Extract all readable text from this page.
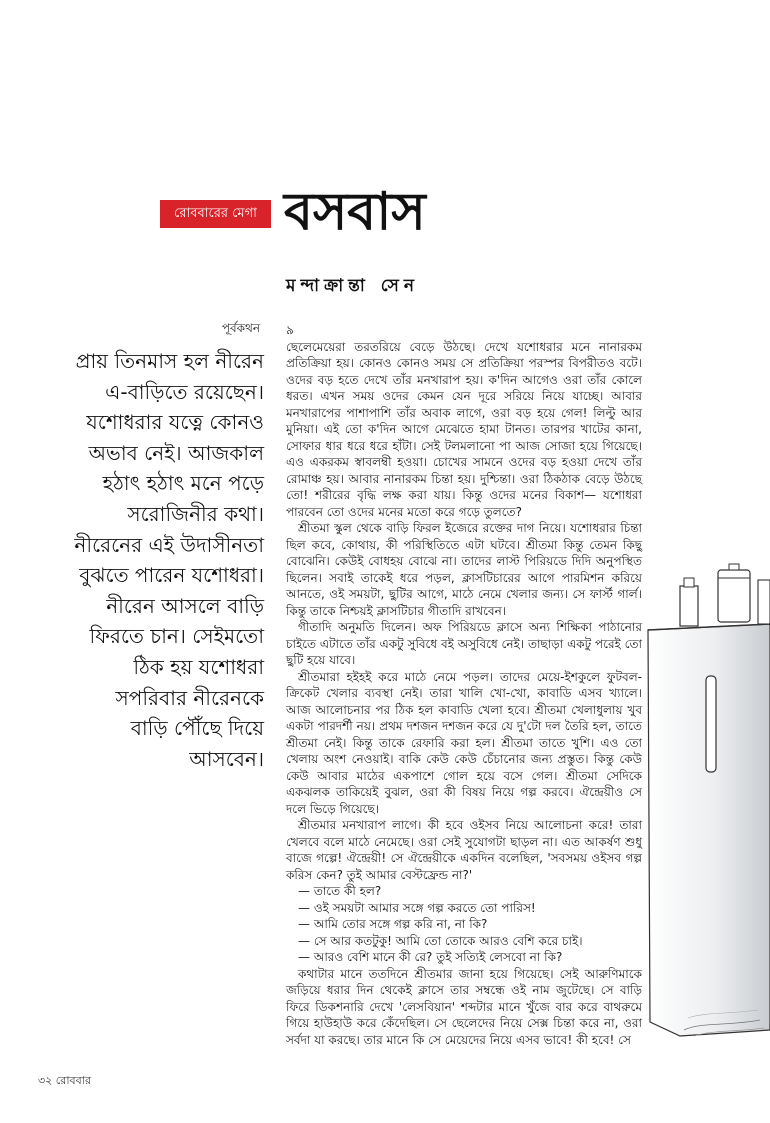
রোববারের মেগা বসবাস
মন্দাক্রান্তা সেন
পূর্বকথন
প্রায় তিনমাস হল নীরেন
এ-বাড়িতে রয়েছেন।
যশোধরার যত্নে কোনও
অভাব নেই। আজকাল
হঠাৎ হঠাৎ মনে পড়ে
সরোজিনীর কথা।
নীরেনের এই উদাসীনতা
বুঝতে পারেন যশোধরা।
নীরেন আসলে বাড়ি
ফিরতে চান। সেইমতো
ঠিক হয় যশোধরা
সপরিবার নীরেনকে
বাড়ি পৌঁছে দিয়ে
আসবেন।

৯

ছেলেমেয়েরা তরতরিয়ে বেড়ে উঠছে। দেখে যশোধরার মনে নানারকম প্রতিক্রিয়া হয়। কোনও কোনও সময় সে প্রতিক্রিয়া পরস্পর বিপরীতও বটে। ওদের বড় হতে দেখে তাঁর মনখারাপ হয়। ক'দিন আগেও ওরা তাঁর কোলে ধরত। এখন সময় ওদের কেমন যেন দূরে সরিয়ে নিয়ে যাচ্ছে। আবার মনখারাপের পাশাপাশি তাঁর অবাক লাগে, ওরা বড় হয়ে গেল! লিল্টু আর মুনিয়া। এই তো ক'দিন আগে মেঝেতে হামা টানত। তারপর খাটের কানা, সোফার ধার ধরে ধরে হাঁটা। সেই টলমলানো পা আজ সোজা হয়ে গিয়েছে। এও একরকম স্বাবলম্বী হওয়া। চোখের সামনে ওদের বড় হওয়া দেখে তাঁর রোমাঞ্চ হয়। আবার নানারকম চিন্তা হয়। দুশ্চিন্তা। ওরা ঠিকঠাক বেড়ে উঠছে তো! শরীরের বৃদ্ধি লক্ষ করা যায়। কিন্তু ওদের মনের বিকাশ— যশোধরা পারবেন তো ওদের মনের মতো করে গড়ে তুলতে?

শ্রীতমা স্কুল থেকে বাড়ি ফিরল ইজেরে রক্তের দাগ নিয়ে। যশোধরার চিন্তা ছিল কবে, কোথায়, কী পরিস্থিতিতে এটা ঘটবে। শ্রীতমা কিন্তু তেমন কিছু বোঝেনি। কেউই বোধহয় বোঝে না। তাদের লাস্ট পিরিয়ডে দিদি অনুপস্থিত ছিলেন। সবাই তাকেই ধরে পড়ল, ক্লাসটিচারের আগে পারমিশন করিয়ে আনতে, ওই সময়টা, ছুটির আগে, মাঠে নেমে খেলার জন্য। সে ফার্স্ট গার্ল। কিন্তু তাকে নিশ্চয়ই ক্লাসটিচার গীতাদি রাখবেন।

গীতাদি অনুমতি দিলেন। অফ পিরিয়ডে ক্লাসে অন্য শিক্ষিকা পাঠানোর চাইতে এটাতে তাঁর একটু সুবিধে বই অসুবিধে নেই। তাছাড়া একটু পরেই তো ছুটি হয়ে যাবে।

শ্রীতমারা হইহই করে মাঠে নেমে পড়ল। তাদের মেয়ে-ইশকুলে ফুটবল-ক্রিকেট খেলার ব্যবস্থা নেই। তারা খালি খো-খো, কাবাডি এসব খ্যালে। আজ আলোচনার পর ঠিক হল কাবাডি খেলা হবে। শ্রীতমা খেলাধুলায় খুব একটা পারদর্শী নয়। প্রথম দশজন দশজন করে যে দু'টো দল তৈরি হল, তাতে শ্রীতমা নেই। কিন্তু তাকে রেফারি করা হল। শ্রীতমা তাতে খুশি। এও তো খেলায় অংশ নেওয়াই। বাকি কেউ কেউ চেঁচানোর জন্য প্রস্তুত। কিন্তু কেউ কেউ আবার মাঠের একপাশে গোল হয়ে বসে গেল। শ্রীতমা সেদিকে একঝলক তাকিয়েই বুঝল, ওরা কী বিষয় নিয়ে গল্প করবে। ঐন্দ্রেয়ীও সে দলে ভিড়ে গিয়েছে।

শ্রীতমার মনখারাপ লাগে। কী হবে ওইসব নিয়ে আলোচনা করে! তারা খেলবে বলে মাঠে নেমেছে। ওরা সেই সুযোগটা ছাড়ল না। এত আকর্ষণ শুধু বাজে গল্পে! ঐন্দ্রেয়ী! সে ঐন্দ্রেয়ীকে একদিন বলেছিল, 'সবসময় ওইসব গল্প করিস কেন? তুই আমার বেস্টফ্রেন্ড না?'

— তাতে কী হল?

— ওই সময়টা আমার সঙ্গে গল্প করতে তো পারিস!

— আমি তোর সঙ্গে গল্প করি না, না কি?

— সে আর কতটুকু! আমি তো তোকে আরও বেশি করে চাই।

— আরও বেশি মানে কী রে? তুই সত্যিই লেসবো না কি?

কথাটার মানে ততদিনে শ্রীতমার জানা হয়ে গিয়েছে। সেই আরুণিমাকে জড়িয়ে ধরার দিন থেকেই ক্লাসে তার সম্বন্ধে ওই নাম জুটেছে। সে বাড়ি ফিরে ডিকশনারি দেখে 'লেসবিয়ান' শব্দটার মানে খুঁজে বার করে বাথরুমে গিয়ে হাউহাউ করে কেঁদেছিল। সে ছেলেদের নিয়ে সেক্স চিন্তা করে না, ওরা সর্বদা যা করছে। তার মানে কি সে মেয়েদের নিয়ে এসব ভাবে! কী হবে! সে

৩২ রোববার
